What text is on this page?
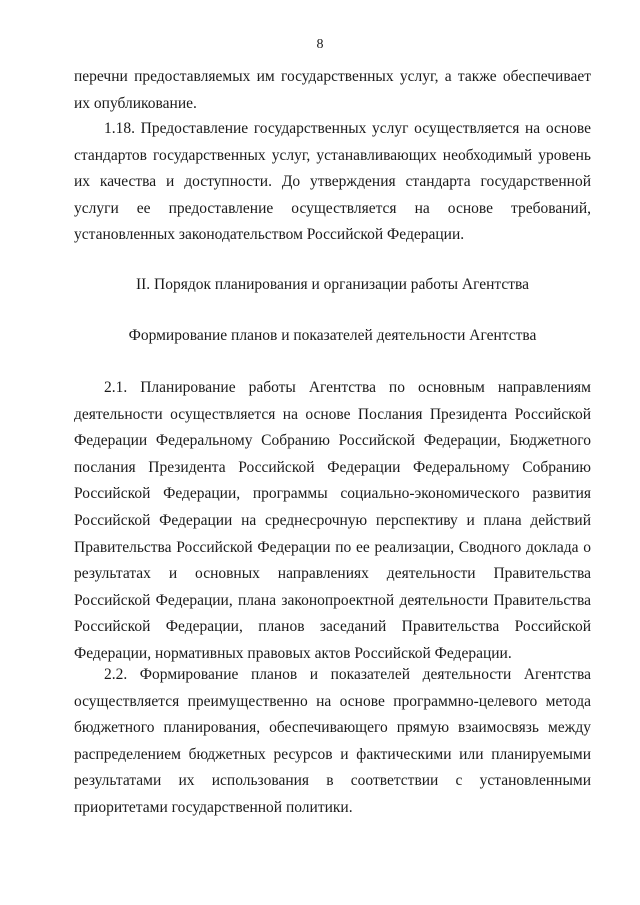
8

перечни предоставляемых им государственных услуг, а также обеспечивает их опубликование.

1.18. Предоставление государственных услуг осуществляется на основе стандартов государственных услуг, устанавливающих необходимый уровень их качества и доступности. До утверждения стандарта государственной услуги ее предоставление осуществляется на основе требований, установленных законодательством Российской Федерации.

II. Порядок планирования и организации работы Агентства
Формирование планов и показателей деятельности Агентства

2.1. Планирование работы Агентства по основным направлениям деятельности осуществляется на основе Послания Президента Российской Федерации Федеральному Собранию Российской Федерации, Бюджетного послания Президента Российской Федерации Федеральному Собранию Российской Федерации, программы социально-экономического развития Российской Федерации на среднесрочную перспективу и плана действий Правительства Российской Федерации по ее реализации, Сводного доклада о результатах и основных направлениях деятельности Правительства Российской Федерации, плана законопроектной деятельности Правительства Российской Федерации, планов заседаний Правительства Российской Федерации, нормативных правовых актов Российской Федерации.

2.2. Формирование планов и показателей деятельности Агентства осуществляется преимущественно на основе программно-целевого метода бюджетного планирования, обеспечивающего прямую взаимосвязь между распределением бюджетных ресурсов и фактическими или планируемыми результатами их использования в соответствии с установленными приоритетами государственной политики.
